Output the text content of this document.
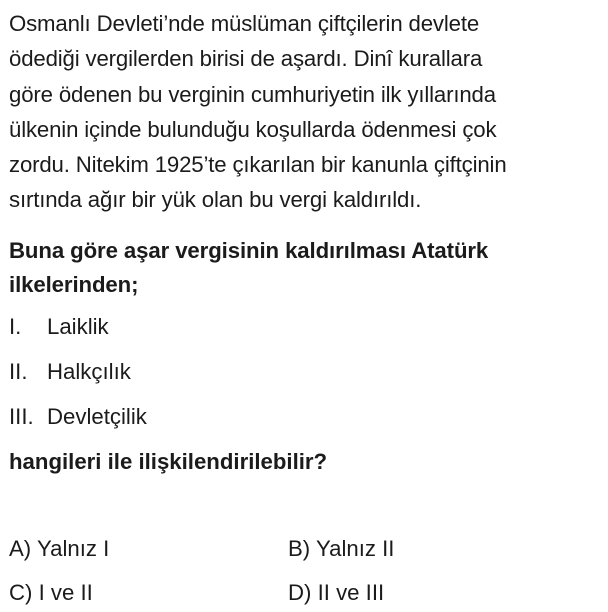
Osmanlı Devleti’nde müslüman çiftçilerin devlete
ödediği vergilerden birisi de aşardı. Dinî kurallara
göre ödenen bu verginin cumhuriyetin ilk yıllarında
ülkenin içinde bulunduğu koşullarda ödenmesi çok
zordu. Nitekim 1925’te çıkarılan bir kanunla çiftçinin
sırtında ağır bir yük olan bu vergi kaldırıldı.

Buna göre aşar vergisinin kaldırılması Atatürk
ilkelerinden;
I. Laiklik
II. Halkçılık
III. Devletçilik
hangileri ile ilişkilendirilebilir?
A) Yalnız I	B) Yalnız II
C) I ve II	D) II ve III
